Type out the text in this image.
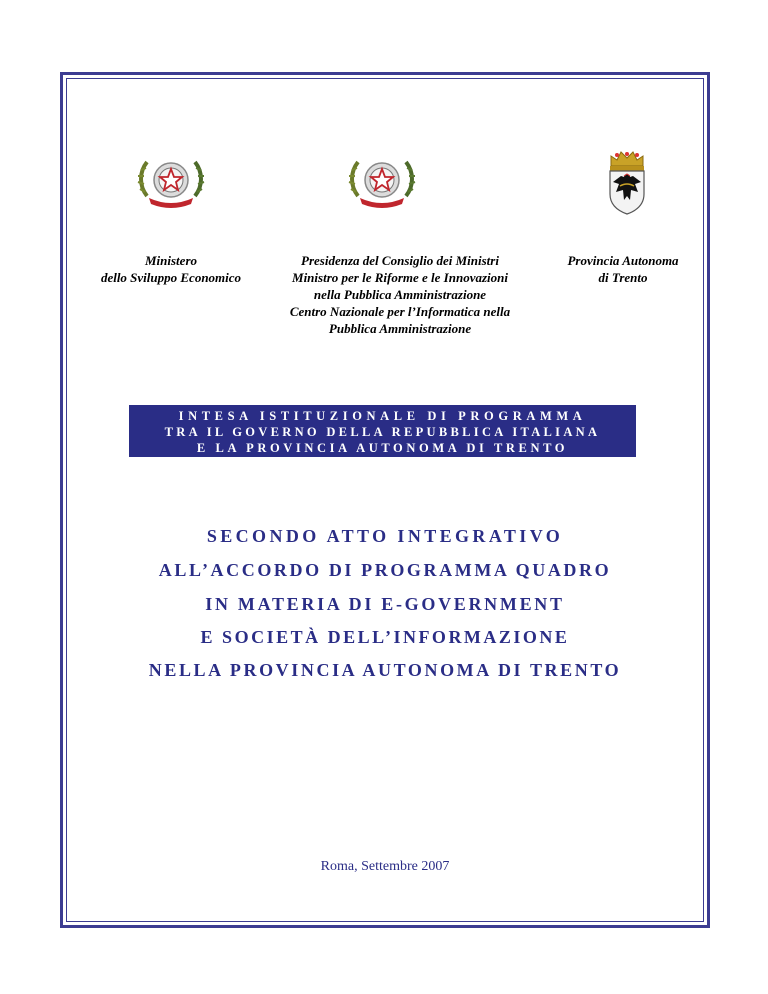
Ministero
dello Sviluppo Economico
Presidenza del Consiglio dei Ministri
Ministro per le Riforme e le Innovazioni
nella Pubblica Amministrazione
Centro Nazionale per l’Informatica nella
Pubblica Amministrazione
Provincia Autonoma
di Trento
INTESA ISTITUZIONALE DI PROGRAMMA
TRA IL GOVERNO DELLA REPUBBLICA ITALIANA
E LA PROVINCIA AUTONOMA DI TRENTO
SECONDO ATTO INTEGRATIVO
ALL’ACCORDO DI PROGRAMMA QUADRO
IN MATERIA DI E-GOVERNMENT
E SOCIETÀ DELL’INFORMAZIONE
NELLA PROVINCIA AUTONOMA DI TRENTO
Roma, Settembre 2007
